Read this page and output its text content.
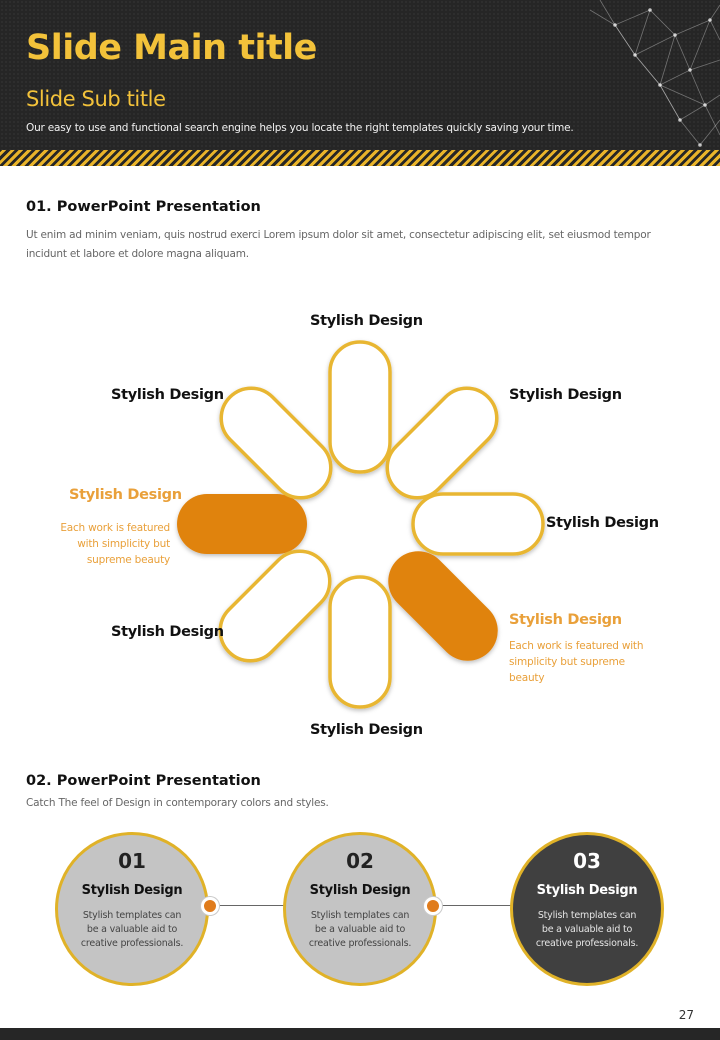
Slide Main title
Slide Sub title
Our easy to use and functional search engine helps you locate the right templates quickly saving your time.
01. PowerPoint Presentation
Ut enim ad minim veniam, quis nostrud exerci Lorem ipsum dolor sit amet, consectetur adipiscing elit, set eiusmod tempor incidunt et labore et dolore magna aliquam.
Stylish Design
Stylish Design	Stylish Design
Stylish Design
Each work is featured with simplicity but supreme beauty
Stylish Design
Stylish Design
Stylish Design
Each work is featured with simplicity but supreme beauty
Stylish Design
02. PowerPoint Presentation
Catch The feel of Design in contemporary colors and styles.
01
Stylish Design
Stylish templates can be a valuable aid to creative professionals.
02
Stylish Design
Stylish templates can be a valuable aid to creative professionals.
03
Stylish Design
Stylish templates can be a valuable aid to creative professionals.
27
